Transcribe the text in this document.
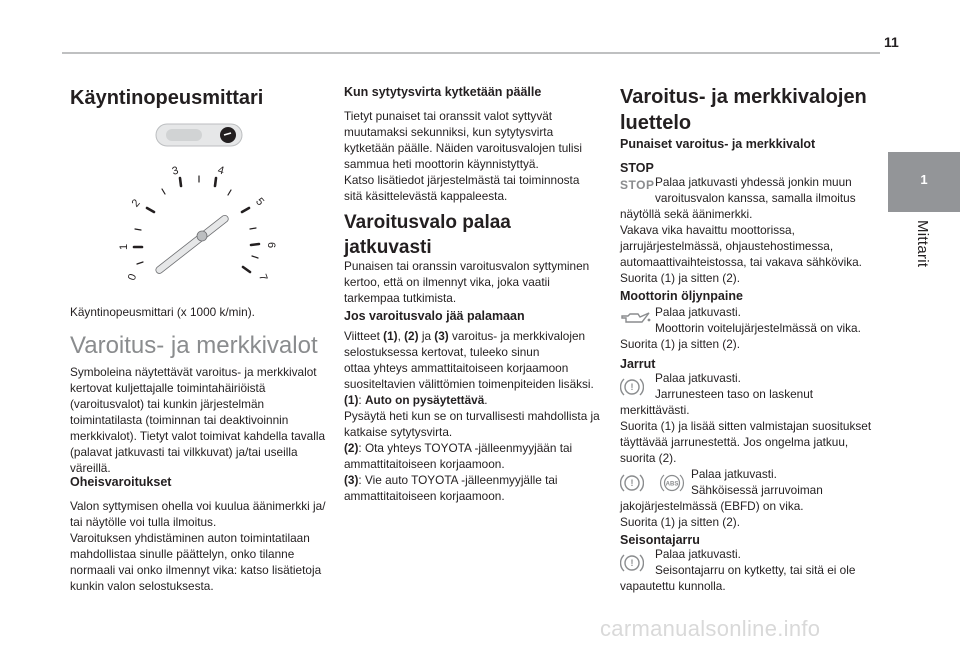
11
1
Mittarit
Käyntinopeusmittari
0
1
2
3	4
5
6
7

Käyntinopeusmittari (x 1000 k/min).

Varoitus- ja merkkivalot
Symboleina näytettävät varoitus- ja merkkivalot
kertovat kuljettajalle toimintahäiriöistä
(varoitusvalot) tai kunkin järjestelmän
toimintatilasta (toiminnan tai deaktivoinnin
merkkivalot). Tietyt valot toimivat kahdella tavalla
(palavat jatkuvasti tai vilkkuvat) ja/tai useilla
väreillä.
Oheisvaroitukset
Valon syttymisen ohella voi kuulua äänimerkki ja/
tai näytölle voi tulla ilmoitus.
Varoituksen yhdistäminen auton toimintatilaan
mahdollistaa sinulle päättelyn, onko tilanne
normaali vai onko ilmennyt vika: katso lisätietoja
kunkin valon selostuksesta.
Kun sytytysvirta kytketään päälle
Tietyt punaiset tai oranssit valot syttyvät
muutamaksi sekunniksi, kun sytytysvirta
kytketään päälle. Näiden varoitusvalojen tulisi
sammua heti moottorin käynnistyttyä.
Katso lisätiedot järjestelmästä tai toiminnosta
sitä käsittelevästä kappaleesta.
Varoitusvalo palaa
jatkuvasti
Punaisen tai oranssin varoitusvalon syttyminen
kertoo, että on ilmennyt vika, joka vaatii
tarkempaa tutkimista.
Jos varoitusvalo jää palamaan
Viitteet (1), (2) ja (3) varoitus- ja merkkivalojen
selostuksessa kertovat, tuleeko sinun
ottaa yhteys ammattitaitoiseen korjaamoon
suositeltavien välittömien toimenpiteiden lisäksi.
(1): Auto on pysäytettävä.
Pysäytä heti kun se on turvallisesti mahdollista ja
katkaise sytytysvirta.
(2): Ota yhteys TOYOTA -jälleenmyyjään tai
ammattitaitoiseen korjaamoon.
(3): Vie auto TOYOTA -jälleenmyyjälle tai
ammattitaitoiseen korjaamoon.
Varoitus- ja merkkivalojen
luettelo
Punaiset varoitus- ja merkkivalot
STOP
STOP Palaa jatkuvasti yhdessä jonkin muun
varoitusvalon kanssa, samalla ilmoitus
näytöllä sekä äänimerkki.
Vakava vika havaittu moottorissa,
jarrujärjestelmässä, ohjaustehostimessa,
automaattivaihteistossa, tai vakava sähkövika.
Suorita (1) ja sitten (2).
Moottorin öljynpaine
Palaa jatkuvasti.
Moottorin voitelujärjestelmässä on vika.
Suorita (1) ja sitten (2).
Jarrut
!
Palaa jatkuvasti.
Jarrunesteen taso on laskenut
merkittävästi.
Suorita (1) ja lisää sitten valmistajan suositukset
täyttävää jarrunestettä. Jos ongelma jatkuu,
suorita (2).
!	ABS
Palaa jatkuvasti.
Sähköisessä jarruvoiman
jakojärjestelmässä (EBFD) on vika.
Suorita (1) ja sitten (2).
Seisontajarru
!
Palaa jatkuvasti.
Seisontajarru on kytketty, tai sitä ei ole
vapautettu kunnolla.
carmanualsonline.info
